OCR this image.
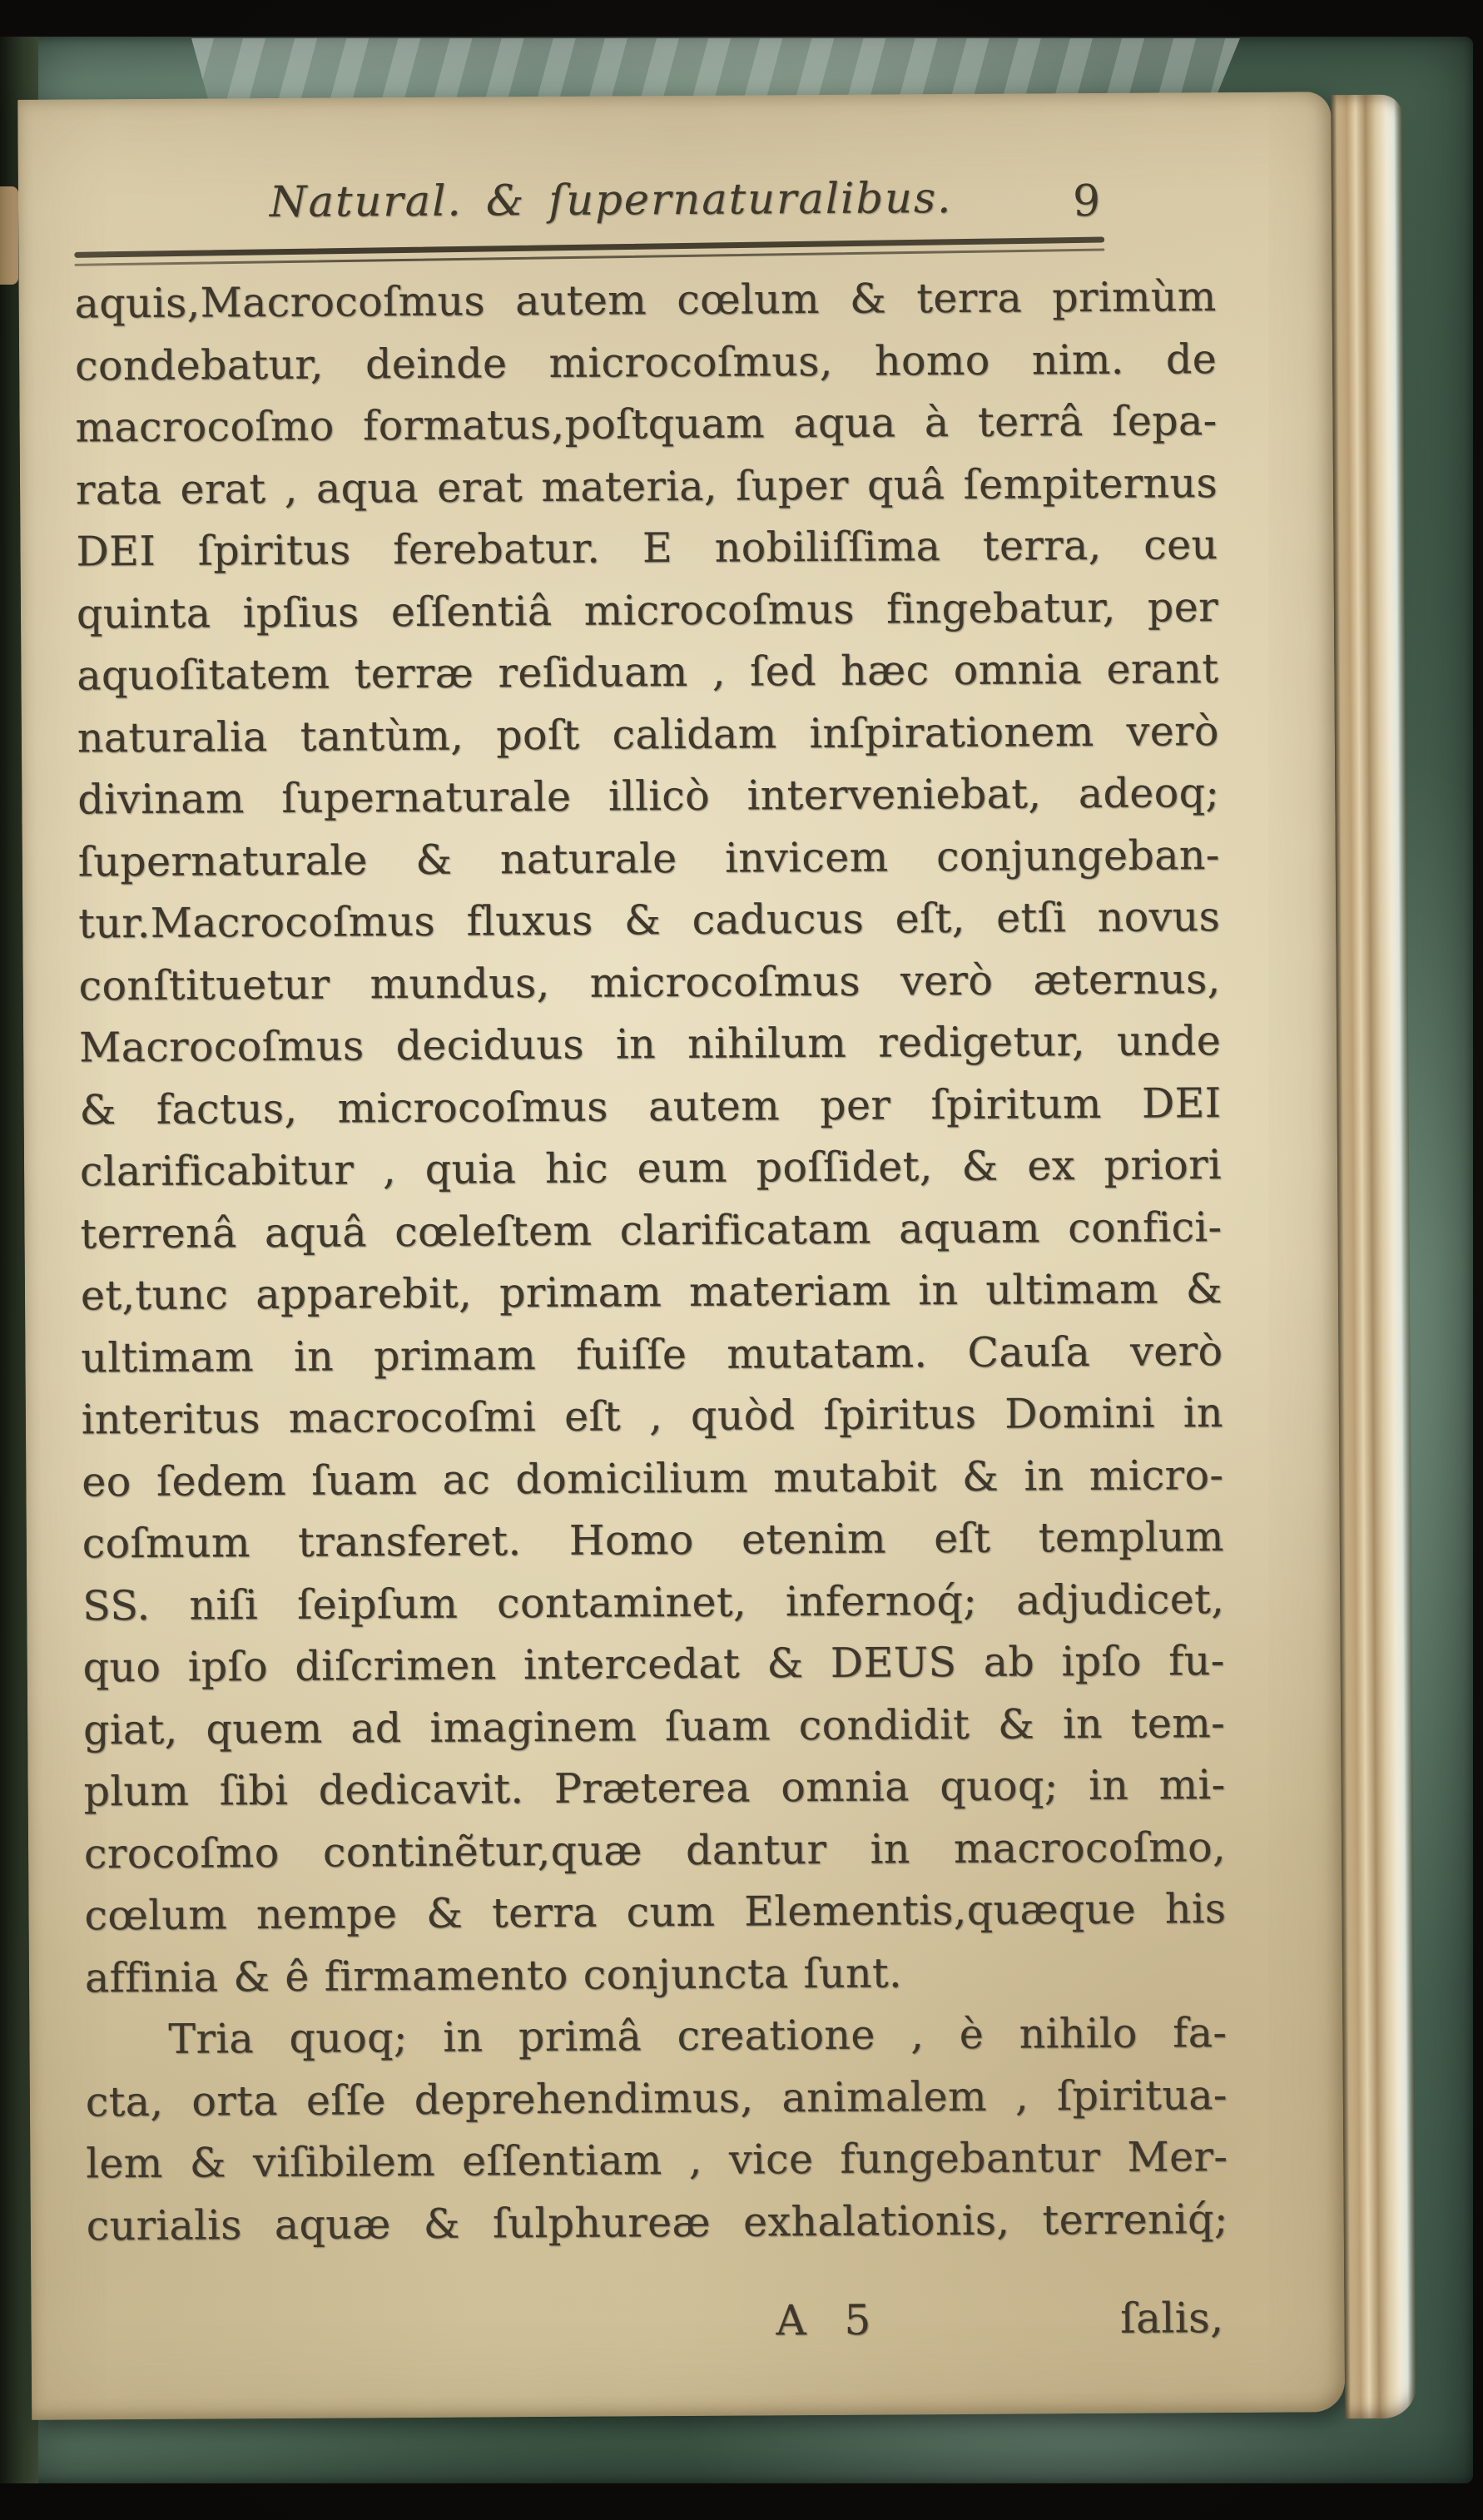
Natural. & ſupernaturalibus.	9
aquis,Macrocoſmus autem cœlum & terra primùm
condebatur, deinde microcoſmus, homo nim. de
macrocoſmo formatus,poſtquam aqua à terrâ ſepa-
rata erat , aqua erat materia, ſuper quâ ſempiternus
DEI ſpiritus ferebatur. E nobiliſſima terra, ceu
quinta ipſius eſſentiâ microcoſmus fingebatur, per
aquoſitatem terræ reſiduam , ſed hæc omnia erant
naturalia tantùm, poſt calidam inſpirationem verò
divinam ſupernaturale illicò interveniebat, adeoq;
ſupernaturale & naturale invicem conjungeban-
tur.Macrocoſmus fluxus & caducus eſt, etſi novus
conſtituetur mundus, microcoſmus verò æternus,
Macrocoſmus deciduus in nihilum redigetur, unde
& factus, microcoſmus autem per ſpiritum DEI
clarificabitur , quia hic eum poſſidet, & ex priori
terrenâ aquâ cœleſtem clarificatam aquam confici-
et,tunc apparebit, primam materiam in ultimam &
ultimam in primam fuiſſe mutatam. Cauſa verò
interitus macrocoſmi eſt , quòd ſpiritus Domini in
eo ſedem ſuam ac domicilium mutabit & in micro-
coſmum transferet. Homo etenim eſt templum
SS. niſi ſeipſum contaminet, infernoq́; adjudicet,
quo ipſo diſcrimen intercedat & DEUS ab ipſo fu-
giat, quem ad imaginem ſuam condidit & in tem-
plum ſibi dedicavit. Præterea omnia quoq; in mi-
crocoſmo continẽtur,quæ dantur in macrocoſmo,
cœlum nempe & terra cum Elementis,quæque his
affinia & ê firmamento conjuncta ſunt.
Tria quoq; in primâ creatione , è nihilo fa-
cta, orta eſſe deprehendimus, animalem , ſpiritua-
lem & viſibilem eſſentiam , vice fungebantur Mer-
curialis aquæ & ſulphureæ exhalationis, terreniq́;
A 5	ſalis,
